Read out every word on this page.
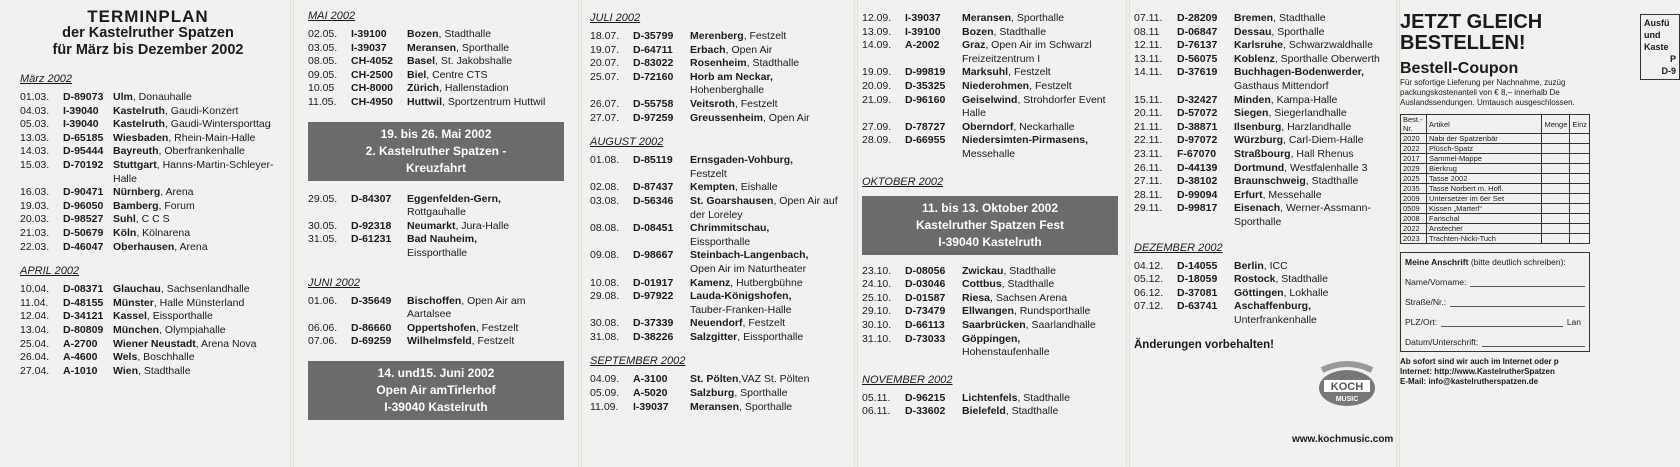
TERMINPLAN
der Kastelruther Spatzen
für März bis Dezember 2002
März 2002
01.03.	D-89073 Ulm, Donauhalle
04.03.	I-39040	Kastelruth, Gaudi-Konzert
05.03.	I-39040	Kastelruth, Gaudi-Wintersporttag
13.03.	D-65185 Wiesbaden, Rhein-Main-Halle
14.03.	D-95444 Bayreuth, Oberfrankenhalle
15.03.	D-70192 Stuttgart, Hanns-Martin-Schleyer-Halle
16.03.	D-90471 Nürnberg, Arena
19.03.	D-96050 Bamberg, Forum
20.03.	D-98527 Suhl, C C S
21.03.	D-50679 Köln, Kölnarena
22.03.	D-46047 Oberhausen, Arena
APRIL 2002
10.04.	D-08371 Glauchau, Sachsenlandhalle
11.04.	D-48155 Münster, Halle Münsterland
12.04.	D-34121 Kassel, Eissporthalle
13.04.	D-80809 München, Olympiahalle
25.04.	A-2700	Wiener Neustadt, Arena Nova
26.04.	A-4600	Wels, Boschhalle
27.04.	A-1010	Wien, Stadthalle
MAI 2002
02.05.	I-39100	Bozen, Stadthalle
03.05.	I-39037	Meransen, Sporthalle
08.05.	CH-4052	Basel, St. Jakobshalle
09.05.	CH-2500	Biel, Centre CTS
10.05	CH-8000	Zürich, Hallenstadion
11.05.	CH-4950	Huttwil, Sportzentrum Huttwil
19. bis 26. Mai 2002
2. Kastelruther Spatzen -
Kreuzfahrt
29.05.	D-84307	Eggenfelden-Gern,
Rottgauhalle
30.05.	D-92318	Neumarkt, Jura-Halle
31.05.	D-61231	Bad Nauheim,
Eissporthalle
JUNI 2002
01.06.	D-35649	Bischoffen, Open Air am Aartalsee
06.06.	D-86660	Oppertshofen, Festzelt
07.06.	D-69259	Wilhelmsfeld, Festzelt
14. und15. Juni 2002
Open Air amTirlerhof
I-39040 Kastelruth
JULI 2002
18.07.	D-35799	Merenberg, Festzelt
19.07.	D-64711	Erbach, Open Air
20.07.	D-83022	Rosenheim, Stadthalle
25.07.	D-72160	Horb am Neckar,
Hohenberghalle
26.07.	D-55758	Veitsroth, Festzelt
27.07.	D-97259	Greussenheim, Open Air
AUGUST 2002
01.08.	D-85119	Ernsgaden-Vohburg,
Festzelt
02.08.	D-87437	Kempten, Eishalle
03.08.	D-56346	St. Goarshausen, Open Air auf der Loreley
08.08.	D-08451	Chrimmitschau,
Eissporthalle
09.08.	D-98667	Steinbach-Langenbach,
Open Air im Naturtheater
10.08.	D-01917	Kamenz, Hutbergbühne
29.08.	D-97922	Lauda-Königshofen,
Tauber-Franken-Halle
30.08.	D-37339	Neuendorf, Festzelt
31.08.	D-38226	Salzgitter, Eissporthalle
SEPTEMBER 2002
04.09.	A-3100	St. Pölten,VAZ St. Pölten
05.09.	A-5020	Salzburg, Sporthalle
11.09.	I-39037	Meransen, Sporthalle
12.09.	I-39037	Meransen, Sporthalle
13.09.	I-39100	Bozen, Stadthalle
14.09.	A-2002	Graz, Open Air im Schwarzl Freizeitzentrum I
19.09.	D-99819	Marksuhl, Festzelt
20.09.	D-35325	Niederohmen, Festzelt
21.09.	D-96160	Geiselwind, Strohdorfer Event Halle
27.09.	D-78727	Oberndorf, Neckarhalle
28.09.	D-66955	Niedersimten-Pirmasens,
Messehalle
OKTOBER 2002
11. bis 13. Oktober 2002
Kastelruther Spatzen Fest
I-39040 Kastelruth
23.10.	D-08056	Zwickau, Stadthalle
24.10.	D-03046	Cottbus, Stadthalle
25.10.	D-01587	Riesa, Sachsen Arena
29.10.	D-73479	Ellwangen, Rundsporthalle
30.10.	D-66113	Saarbrücken, Saarlandhalle
31.10.	D-73033	Göppingen,
Hohenstaufenhalle
NOVEMBER 2002
05.11.	D-96215	Lichtenfels, Stadthalle
06.11.	D-33602	Bielefeld, Stadthalle
07.11.	D-28209	Bremen, Stadthalle
08.11	D-06847	Dessau, Sporthalle
12.11.	D-76137	Karlsruhe, Schwarzwaldhalle
13.11.	D-56075	Koblenz, Sporthalle Oberwerth
14.11.	D-37619	Buchhagen-Bodenwerder,
Gasthaus Mittendorf
15.11.	D-32427	Minden, Kampa-Halle
20.11.	D-57072	Siegen, Siegerlandhalle
21.11.	D-38871	Ilsenburg, Harzlandhalle
22.11.	D-97072	Würzburg, Carl-Diem-Halle
23.11.	F-67070	Straßbourg, Hall Rhenus
26.11.	D-44139	Dortmund, Westfalenhalle 3
27.11.	D-38102	Braunschweig, Stadthalle
28.11.	D-99094	Erfurt, Messehalle
29.11.	D-99817	Eisenach, Werner-Assmann-Sporthalle
DEZEMBER 2002
04.12.	D-14055	Berlin, ICC
05.12.	D-18059	Rostock, Stadthalle
06.12.	D-37081	Göttingen, Lokhalle
07.12.	D-63741	Aschaffenburg,
Unterfrankenhalle
Änderungen vorbehalten!
KOCH
MUSIC
www.kochmusic.com
JETZT GLEICH
BESTELLEN!
Ausfü
und
Kaste
P
D-9
Bestell-Coupon
Für sofortige Lieferung per Nachnahme, zuzüg packungskostenanteil von € 8,– innerhalb De Auslandssendungen. Umtausch ausgeschlossen.
Best.-Nr.	Artikel	Menge	Einz
2020	Nabi der Spatzenbär		
2022	Plüsch-Spatz		
2017	Sammel-Mappe		
2029	Bierkrug		
2025	Tasse 2002		
2035	Tasse Norbert m. Hofl.		
2009	Untersetzer im 6er Set		
0509	Kissen „Marterl“		
2008	Fanschal		
2022	Anstecher		
2023	Trachten-Nicki-Tuch		
Meine Anschrift (bitte deutlich schreiben):
Name/Vorname:
Straße/Nr.:
PLZ/Ort:	Lan
Datum/Unterschrift:
Ab sofort sind wir auch im Internet oder p
Internet: http://www.KastelrutherSpatzen
E-Mail: info@kastelrutherspatzen.de
